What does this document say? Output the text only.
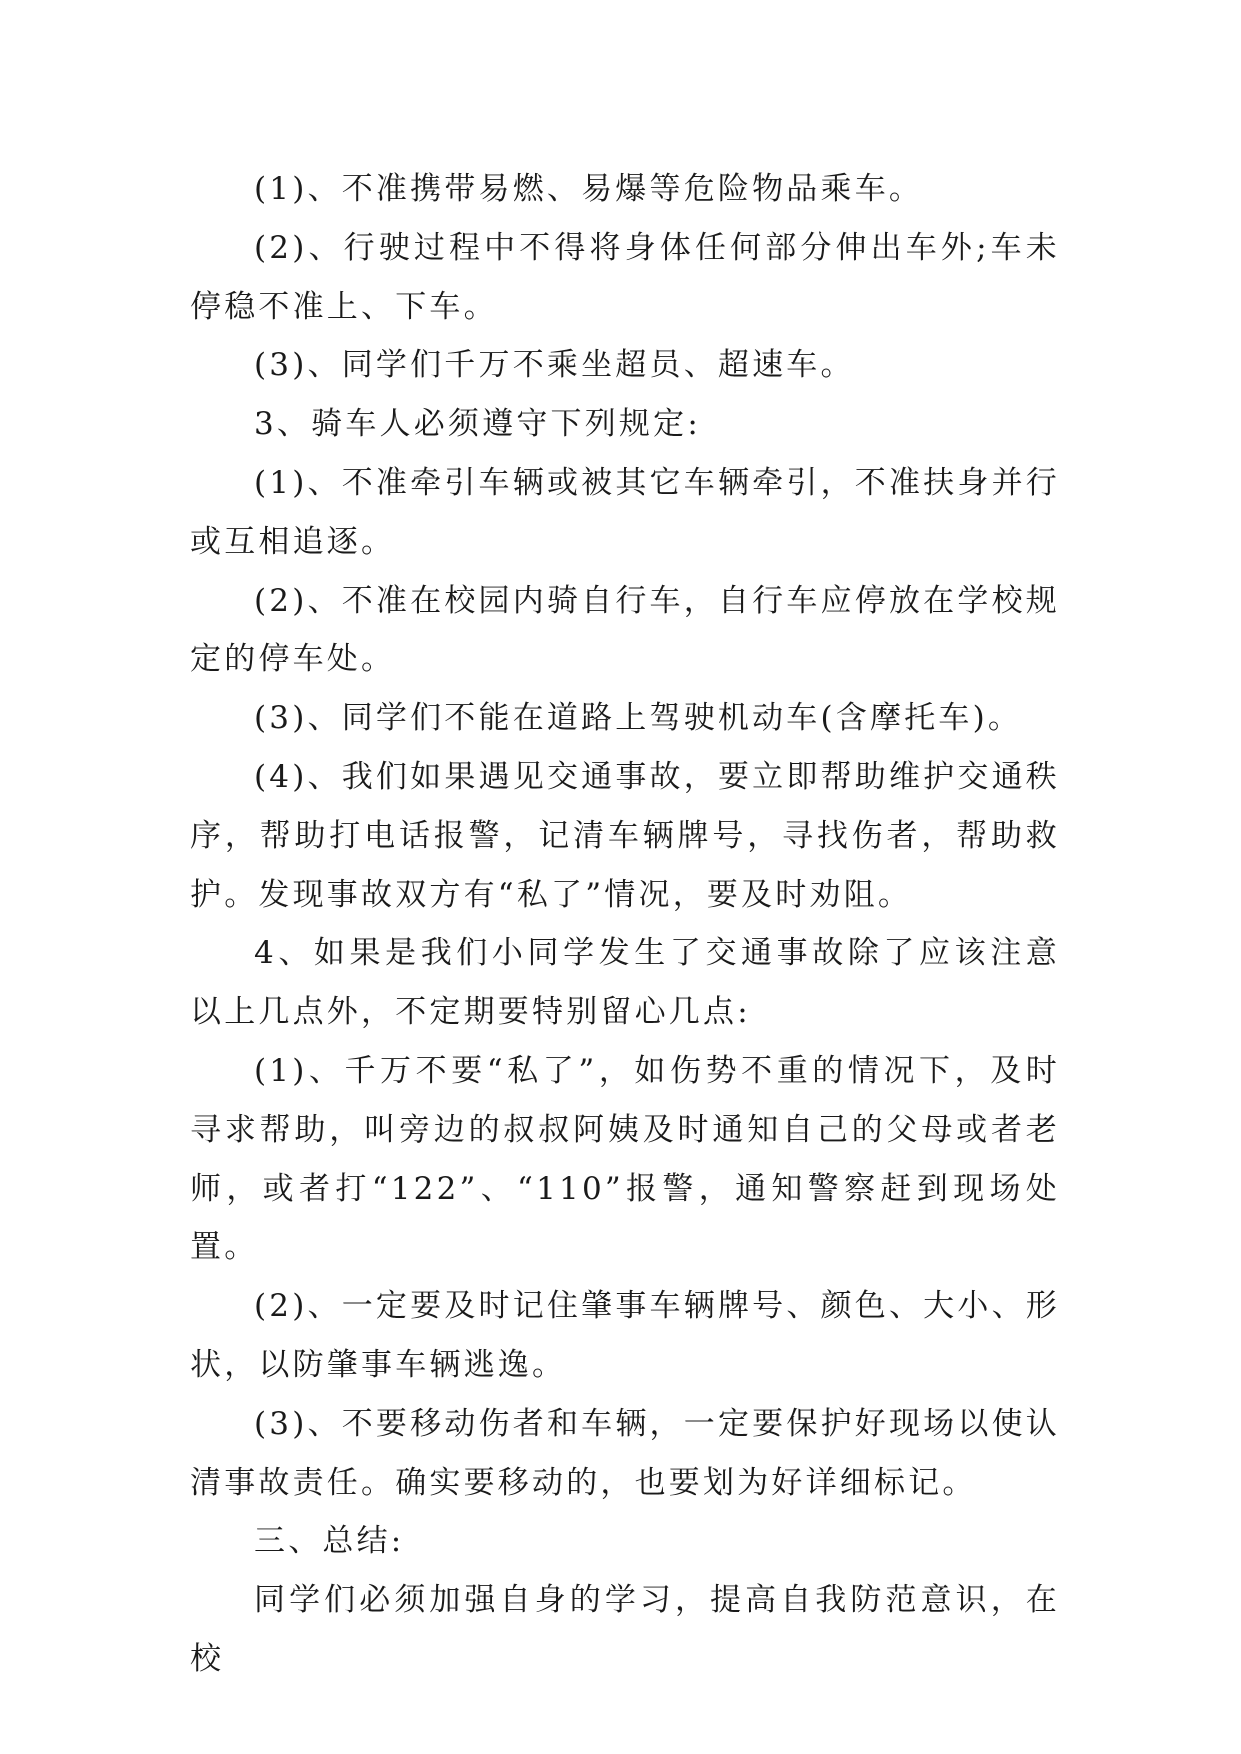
(1)、不准携带易燃、易爆等危险物品乘车。

(2)、行驶过程中不得将身体任何部分伸出车外;车未停稳不准上、下车。

(3)、同学们千万不乘坐超员、超速车。

3、骑车人必须遵守下列规定:

(1)、不准牵引车辆或被其它车辆牵引，不准扶身并行或互相追逐。

(2)、不准在校园内骑自行车，自行车应停放在学校规定的停车处。

(3)、同学们不能在道路上驾驶机动车(含摩托车)。

(4)、我们如果遇见交通事故，要立即帮助维护交通秩序，帮助打电话报警，记清车辆牌号，寻找伤者，帮助救护。发现事故双方有“私了”情况，要及时劝阻。

4、如果是我们小同学发生了交通事故除了应该注意以上几点外，不定期要特别留心几点:

(1)、千万不要“私了”，如伤势不重的情况下，及时寻求帮助，叫旁边的叔叔阿姨及时通知自己的父母或者老师，或者打“122”、“110”报警，通知警察赶到现场处置。

(2)、一定要及时记住肇事车辆牌号、颜色、大小、形状，以防肇事车辆逃逸。

(3)、不要移动伤者和车辆，一定要保护好现场以使认清事故责任。确实要移动的，也要划为好详细标记。

三、总结:

同学们必须加强自身的学习，提高自我防范意识，在校
